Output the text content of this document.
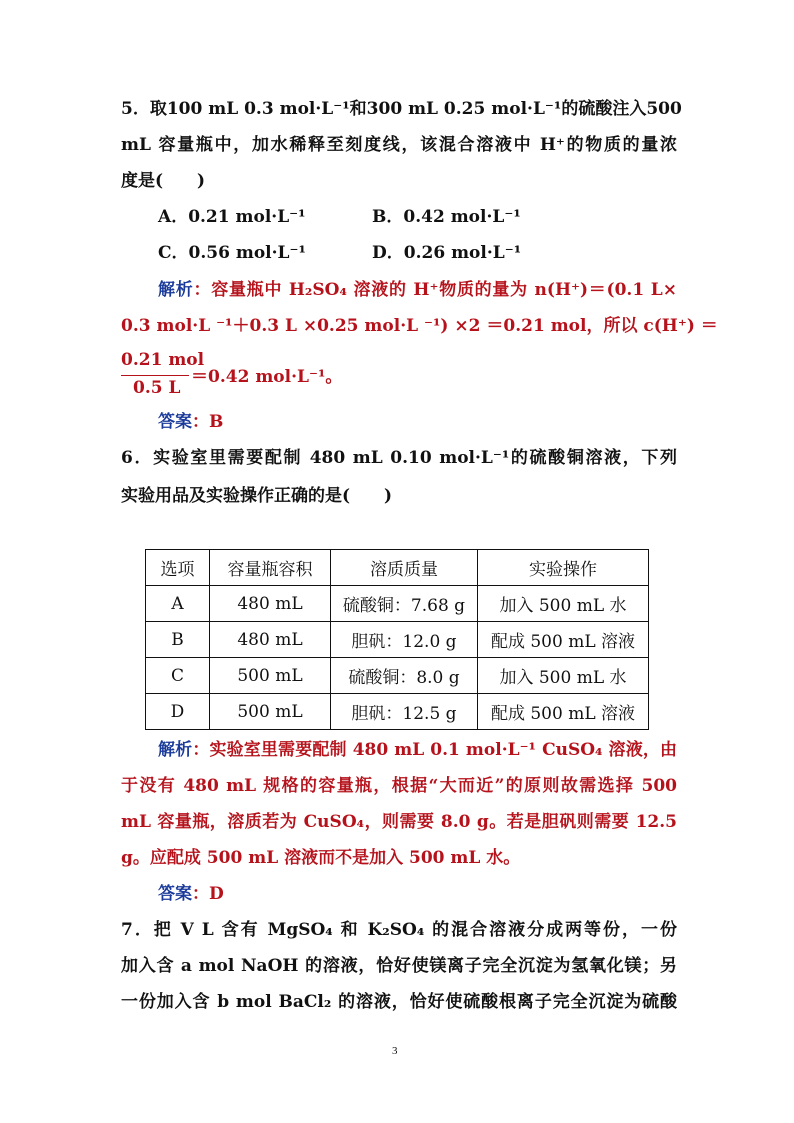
5．取100 mL 0.3 mol·L⁻¹和300 mL 0.25 mol·L⁻¹的硫酸注入500
mL 容量瓶中，加水稀释至刻度线，该混合溶液中 H⁺的物质的量浓
度是(　　)
A．0.21 mol·L⁻¹	B．0.42 mol·L⁻¹
C．0.56 mol·L⁻¹	D．0.26 mol·L⁻¹
解析：容量瓶中 H₂SO₄ 溶液的 H⁺物质的量为 n(H⁺)＝(0.1 L×
0.3 mol·L ⁻¹＋0.3 L ×0.25 mol·L ⁻¹) ×2 ＝0.21 mol，所以 c(H⁺) ＝
0.21 mol
0.5 L
＝0.42 mol·L⁻¹。
答案：B
6．实验室里需要配制 480 mL 0.10 mol·L⁻¹的硫酸铜溶液，下列
实验用品及实验操作正确的是(　　)
选项	容量瓶容积	溶质质量	实验操作
A	480 mL	硫酸铜：7.68 g	加入 500 mL 水
B	480 mL	胆矾：12.0 g	配成 500 mL 溶液
C	500 mL	硫酸铜：8.0 g	加入 500 mL 水
D	500 mL	胆矾：12.5 g	配成 500 mL 溶液
解析：实验室里需要配制 480 mL 0.1 mol·L⁻¹ CuSO₄ 溶液，由
于没有 480 mL 规格的容量瓶，根据“大而近”的原则故需选择 500
mL 容量瓶，溶质若为 CuSO₄，则需要 8.0 g。若是胆矾则需要 12.5
g。应配成 500 mL 溶液而不是加入 500 mL 水。
答案：D
7．把 V L 含有 MgSO₄ 和 K₂SO₄ 的混合溶液分成两等份，一份
加入含 a mol NaOH 的溶液，恰好使镁离子完全沉淀为氢氧化镁；另
一份加入含 b mol BaCl₂ 的溶液，恰好使硫酸根离子完全沉淀为硫酸
3
